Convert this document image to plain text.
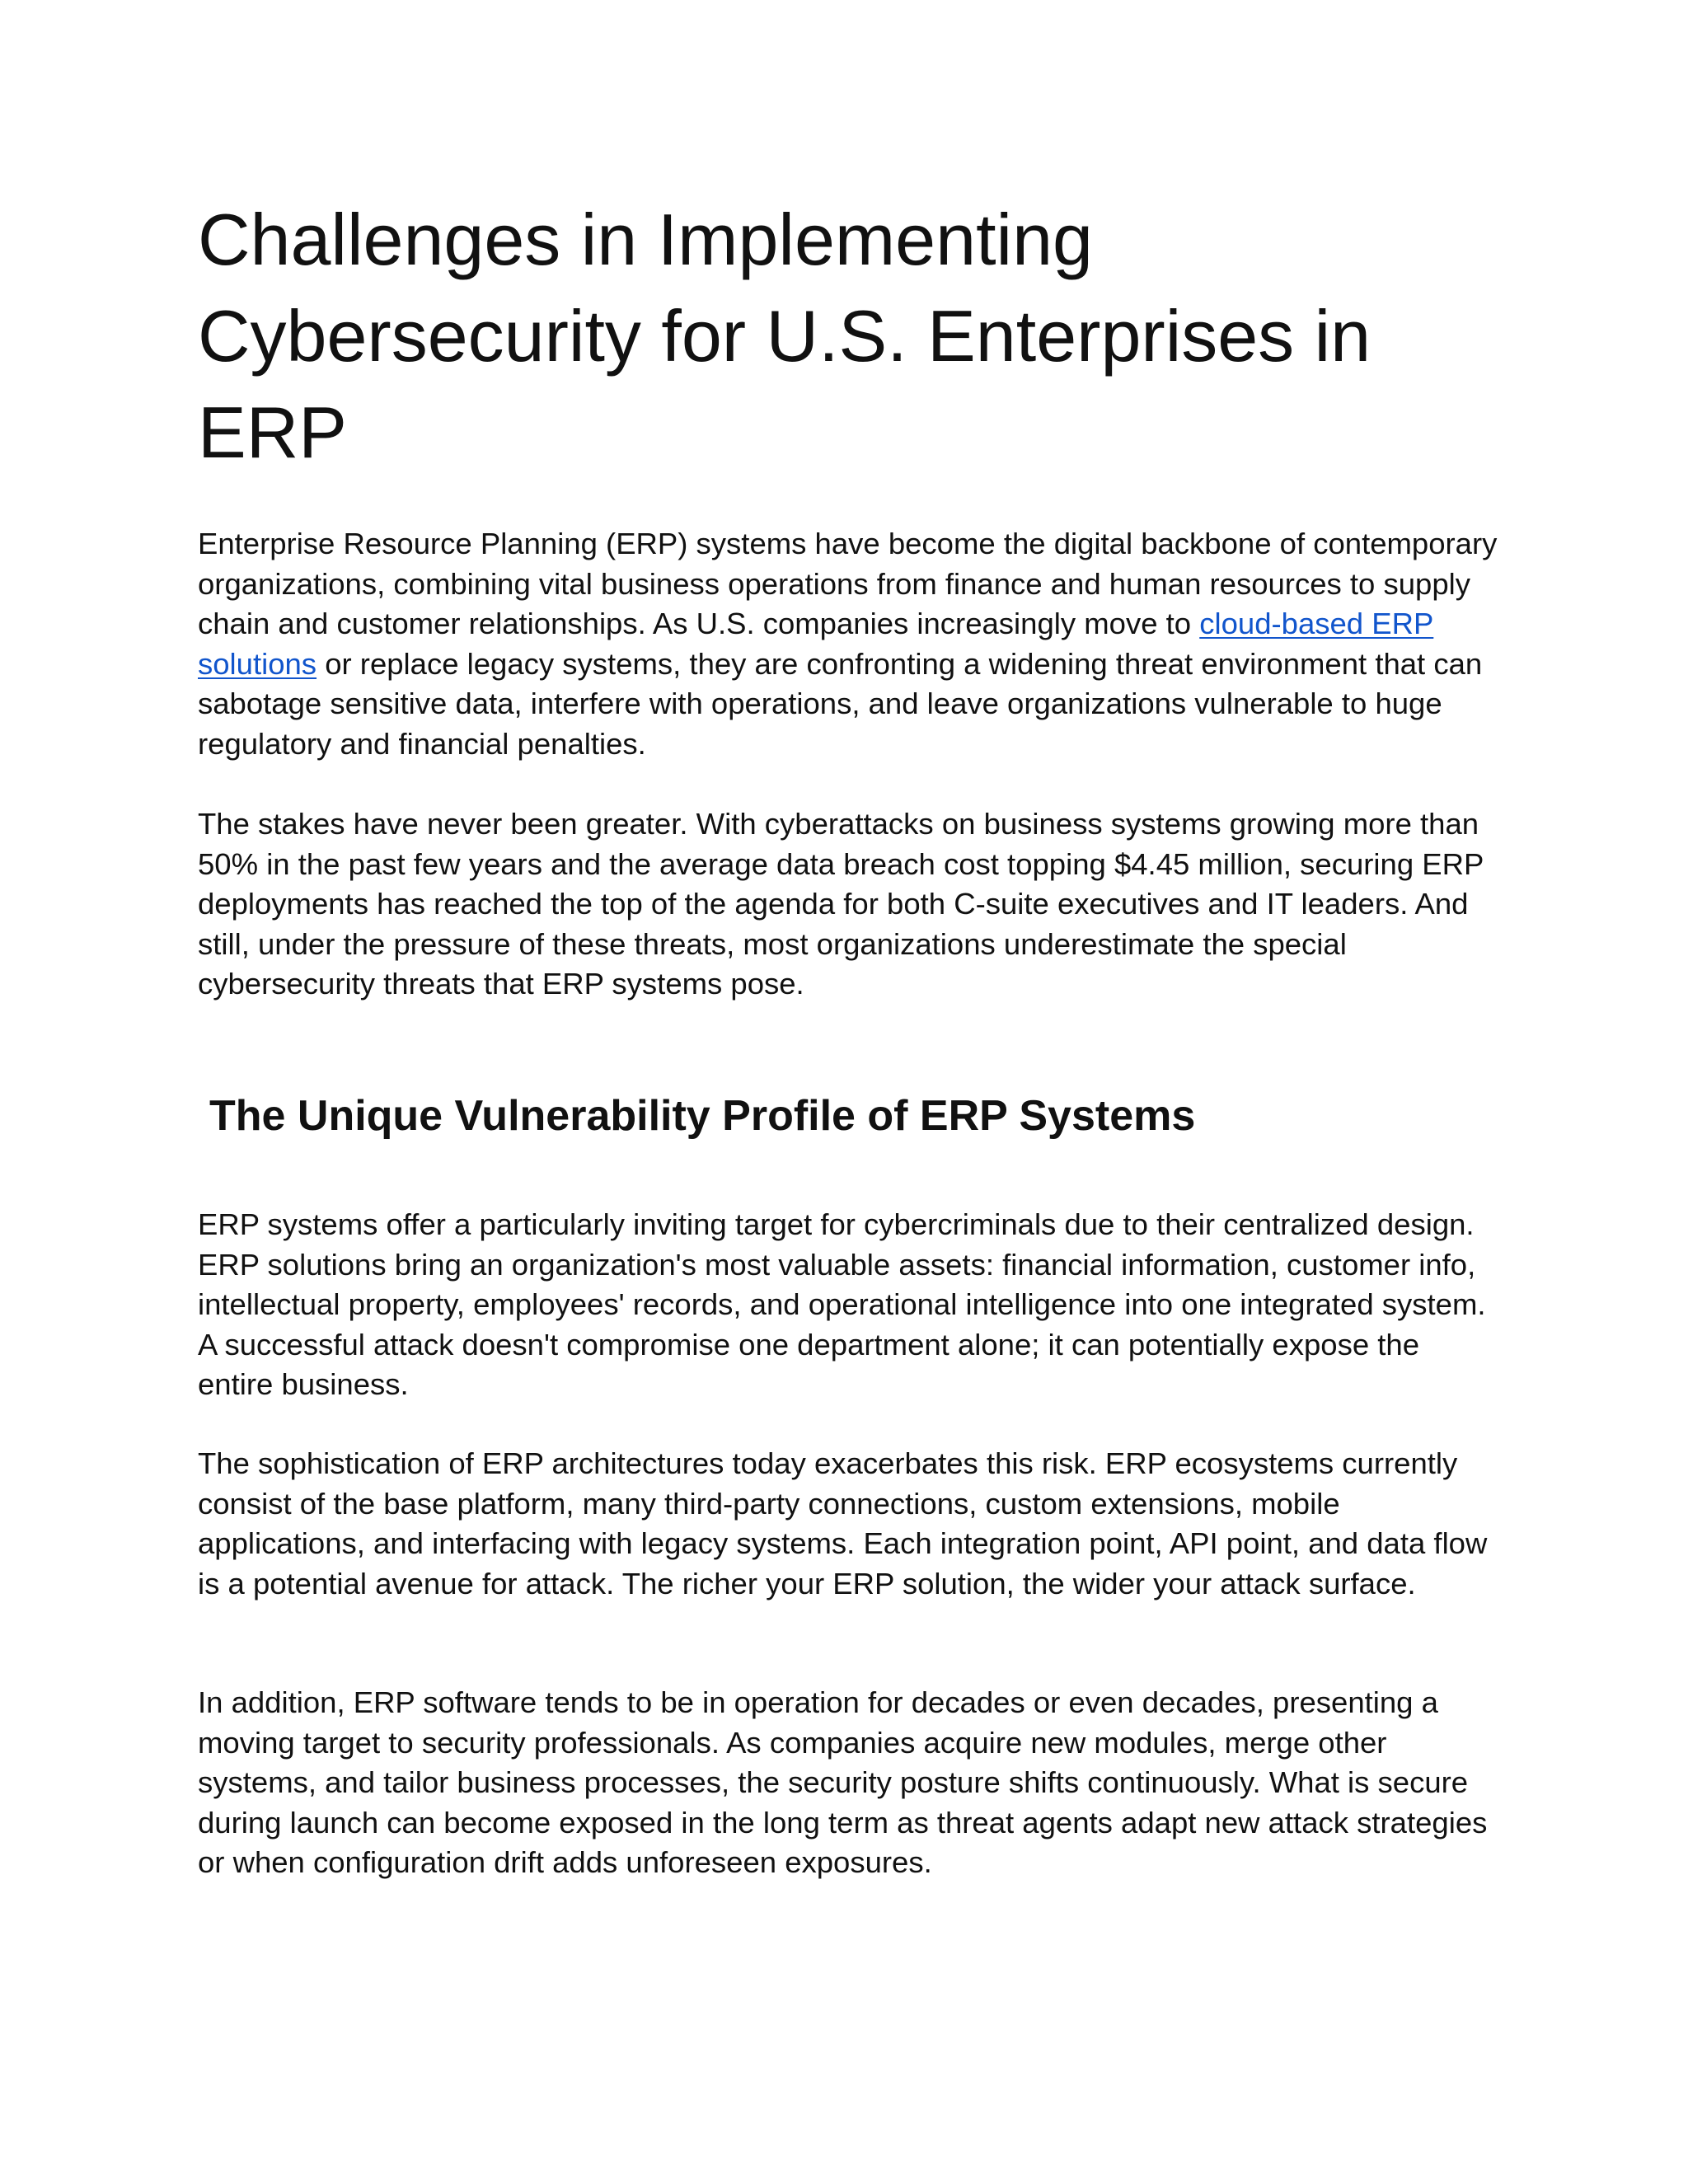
Challenges in Implementing Cybersecurity for U.S. Enterprises in ERP

Enterprise Resource Planning (ERP) systems have become the digital backbone of contemporary organizations, combining vital business operations from finance and human resources to supply chain and customer relationships. As U.S. companies increasingly move to cloud-based ERP solutions or replace legacy systems, they are confronting a widening threat environment that can sabotage sensitive data, interfere with operations, and leave organizations vulnerable to huge regulatory and financial penalties.

The stakes have never been greater. With cyberattacks on business systems growing more than 50% in the past few years and the average data breach cost topping $4.45 million, securing ERP deployments has reached the top of the agenda for both C-suite executives and IT leaders. And still, under the pressure of these threats, most organizations underestimate the special cybersecurity threats that ERP systems pose.

The Unique Vulnerability Profile of ERP Systems

ERP systems offer a particularly inviting target for cybercriminals due to their centralized design. ERP solutions bring an organization's most valuable assets: financial information, customer info, intellectual property, employees' records, and operational intelligence into one integrated system. A successful attack doesn't compromise one department alone; it can potentially expose the entire business.

The sophistication of ERP architectures today exacerbates this risk. ERP ecosystems currently consist of the base platform, many third-party connections, custom extensions, mobile applications, and interfacing with legacy systems. Each integration point, API point, and data flow is a potential avenue for attack. The richer your ERP solution, the wider your attack surface.

In addition, ERP software tends to be in operation for decades or even decades, presenting a moving target to security professionals. As companies acquire new modules, merge other systems, and tailor business processes, the security posture shifts continuously. What is secure during launch can become exposed in the long term as threat agents adapt new attack strategies or when configuration drift adds unforeseen exposures.
